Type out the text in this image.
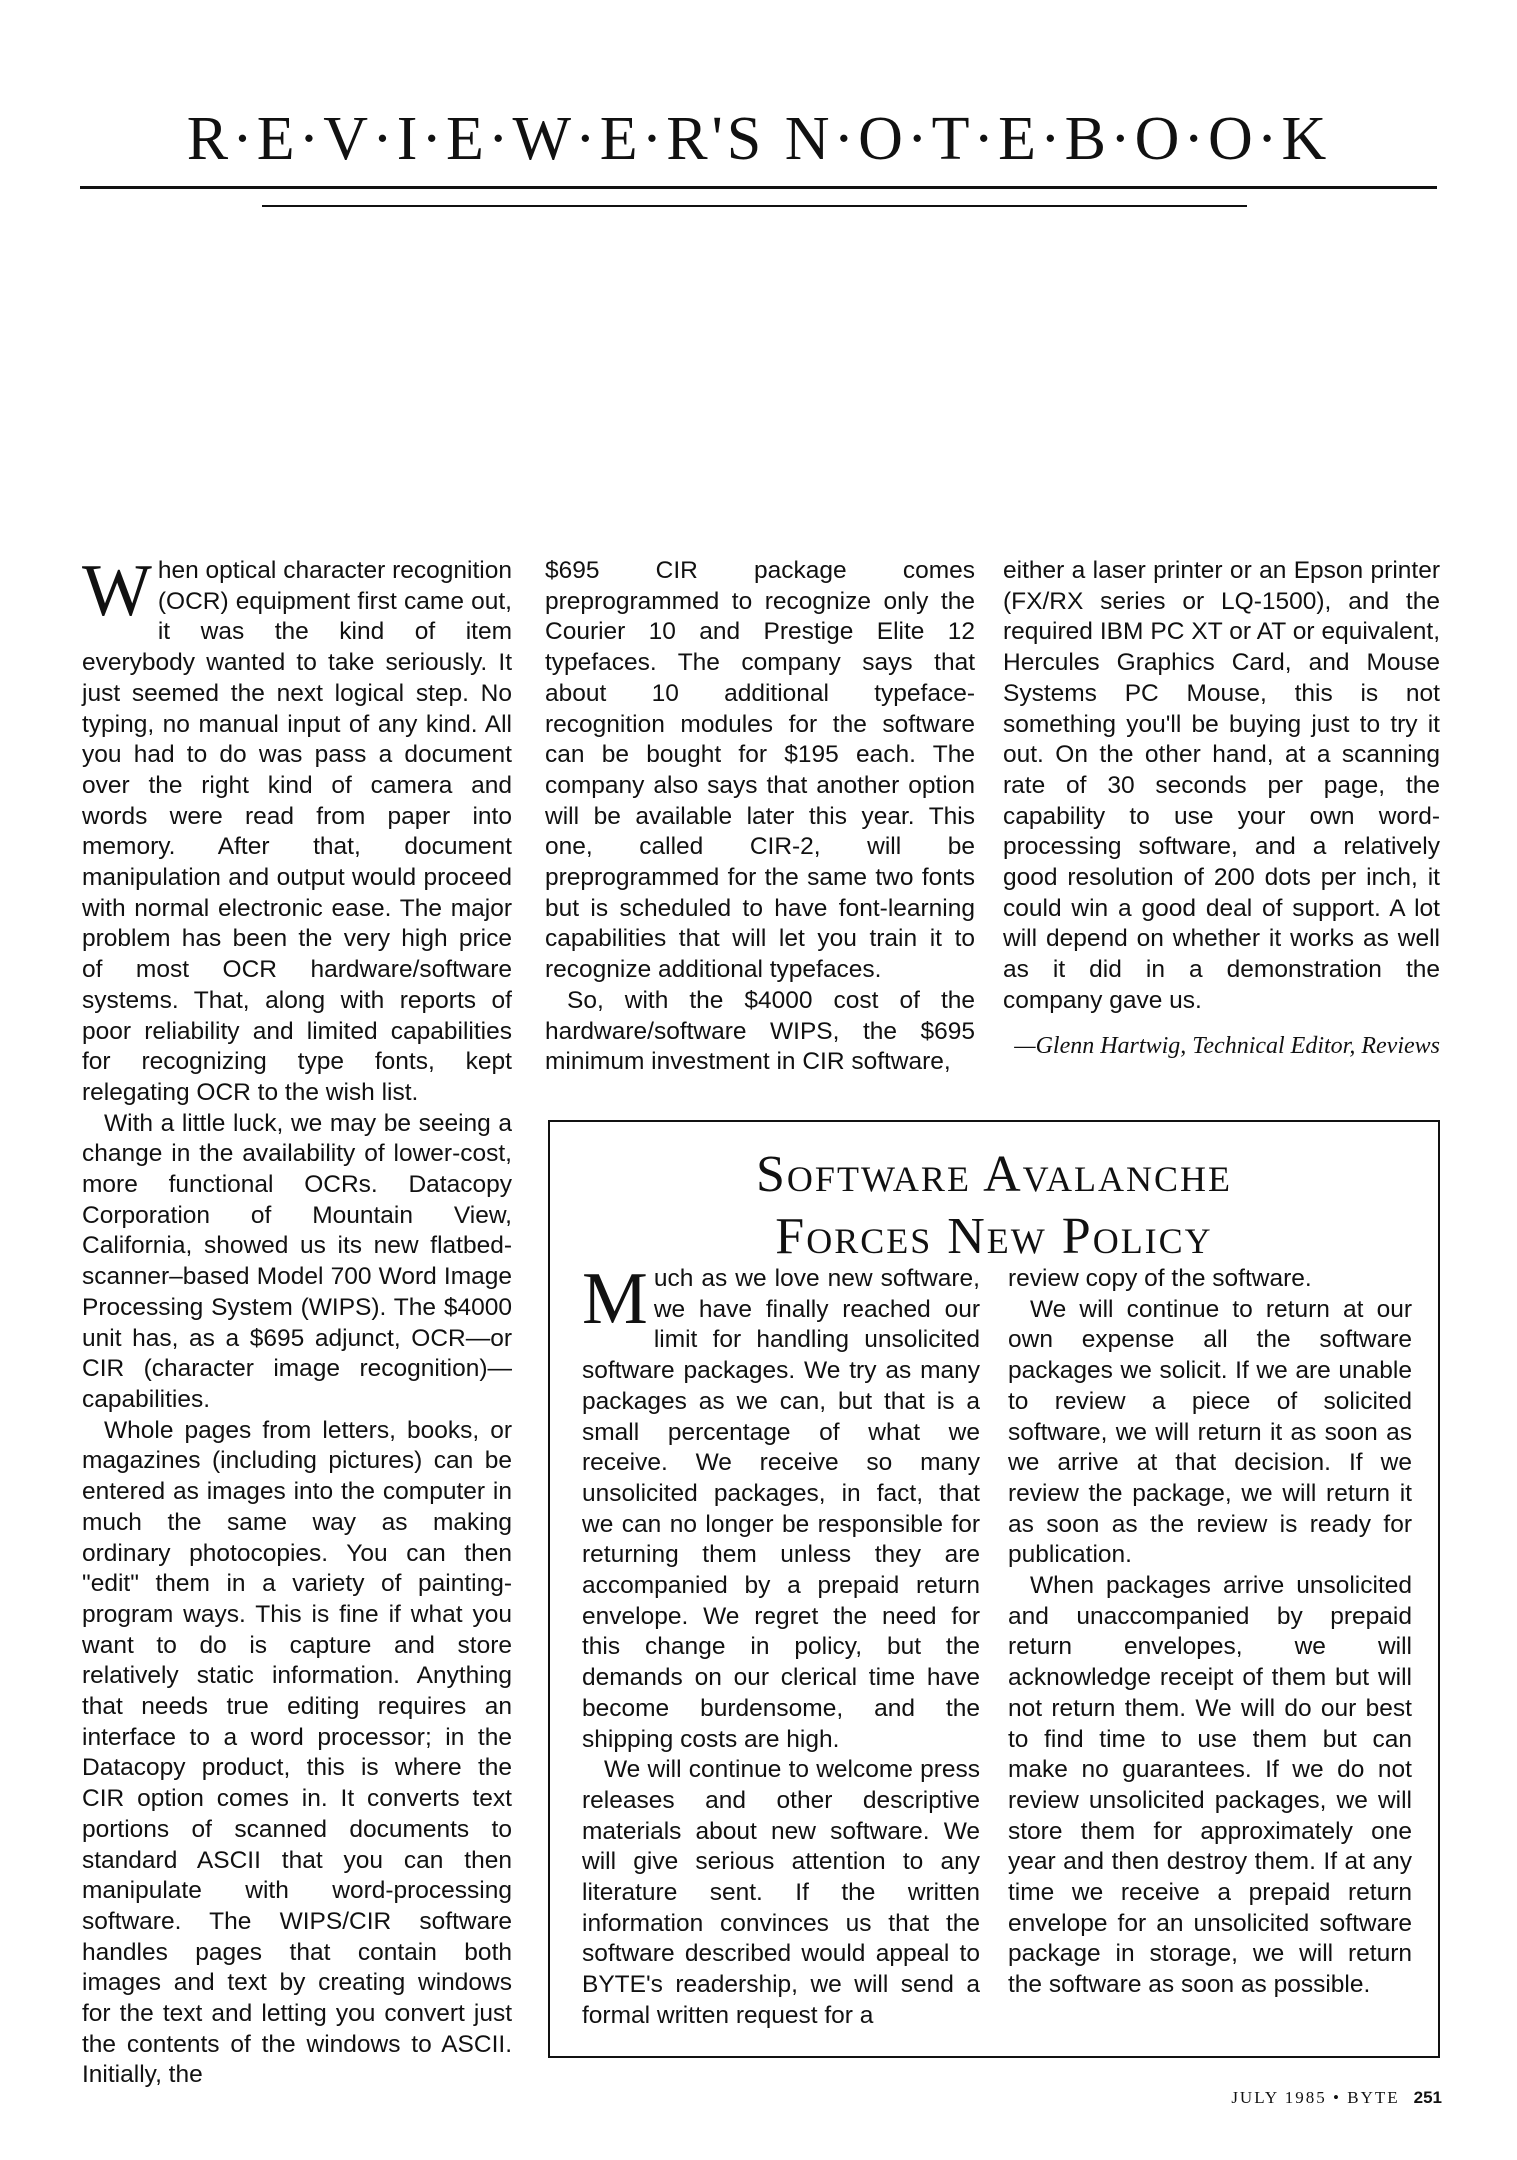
R·E·V·I·E·W·E·R'S N·O·T·E·B·O·O·K

When optical character recognition (OCR) equipment first came out, it was the kind of item everybody wanted to take seriously. It just seemed the next logical step. No typing, no manual input of any kind. All you had to do was pass a document over the right kind of camera and words were read from paper into memory. After that, document manipulation and output would proceed with normal electronic ease. The major problem has been the very high price of most OCR hardware/software systems. That, along with reports of poor reliability and limited capabilities for recognizing type fonts, kept relegating OCR to the wish list.

With a little luck, we may be seeing a change in the availability of lower-cost, more functional OCRs. Datacopy Corporation of Mountain View, California, showed us its new flatbed-scanner–based Model 700 Word Image Processing System (WIPS). The $4000 unit has, as a $695 adjunct, OCR—or CIR (character image recognition)—capabilities.

Whole pages from letters, books, or magazines (including pictures) can be entered as images into the computer in much the same way as making ordinary photocopies. You can then "edit" them in a variety of painting-program ways. This is fine if what you want to do is capture and store relatively static information. Anything that needs true editing requires an interface to a word processor; in the Datacopy product, this is where the CIR option comes in. It converts text portions of scanned documents to standard ASCII that you can then manipulate with word-processing software. The WIPS/CIR software handles pages that contain both images and text by creating windows for the text and letting you convert just the contents of the windows to ASCII. Initially, the

$695 CIR package comes preprogrammed to recognize only the Courier 10 and Prestige Elite 12 typefaces. The company says that about 10 additional typeface-recognition modules for the software can be bought for $195 each. The company also says that another option will be available later this year. This one, called CIR-2, will be preprogrammed for the same two fonts but is scheduled to have font-learning capabilities that will let you train it to recognize additional typefaces.

So, with the $4000 cost of the hardware/software WIPS, the $695 minimum investment in CIR software,

either a laser printer or an Epson printer (FX/RX series or LQ-1500), and the required IBM PC XT or AT or equivalent, Hercules Graphics Card, and Mouse Systems PC Mouse, this is not something you'll be buying just to try it out. On the other hand, at a scanning rate of 30 seconds per page, the capability to use your own word-processing software, and a relatively good resolution of 200 dots per inch, it could win a good deal of support. A lot will depend on whether it works as well as it did in a demonstration the company gave us.

—Glenn Hartwig, Technical Editor, Reviews

Software Avalanche
Forces New Policy

Much as we love new software, we have finally reached our limit for handling unsolicited software packages. We try as many packages as we can, but that is a small percentage of what we receive. We receive so many unsolicited packages, in fact, that we can no longer be responsible for returning them unless they are accompanied by a prepaid return envelope. We regret the need for this change in policy, but the demands on our clerical time have become burdensome, and the shipping costs are high.

We will continue to welcome press releases and other descriptive materials about new software. We will give serious attention to any literature sent. If the written information convinces us that the software described would appeal to BYTE's readership, we will send a formal written request for a

review copy of the software.

We will continue to return at our own expense all the software packages we solicit. If we are unable to review a piece of solicited software, we will return it as soon as we arrive at that decision. If we review the package, we will return it as soon as the review is ready for publication.

When packages arrive unsolicited and unaccompanied by prepaid return envelopes, we will acknowledge receipt of them but will not return them. We will do our best to find time to use them but can make no guarantees. If we do not review unsolicited packages, we will store them for approximately one year and then destroy them. If at any time we receive a prepaid return envelope for an unsolicited software package in storage, we will return the software as soon as possible.

JULY 1985 • BYTE 251
